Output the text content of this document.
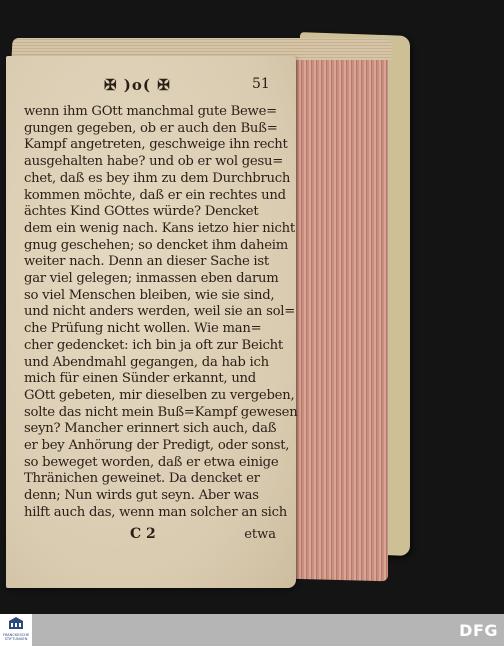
✠ )o( ✠	51
wenn ihm GOtt manchmal gute Bewe=
gungen gegeben, ob er auch den Buß=
Kampf angetreten, geschweige ihn recht
ausgehalten habe? und ob er wol gesu=
chet, daß es bey ihm zu dem Durchbruch
kommen möchte, daß er ein rechtes und
ächtes Kind GOttes würde? Dencket
dem ein wenig nach. Kans ietzo hier nicht
gnug geschehen; so dencket ihm daheim
weiter nach. Denn an dieser Sache ist
gar viel gelegen; inmassen eben darum
so viel Menschen bleiben, wie sie sind,
und nicht anders werden, weil sie an sol=
che Prüfung nicht wollen. Wie man=
cher gedencket: ich bin ja oft zur Beicht
und Abendmahl gegangen, da hab ich
mich für einen Sünder erkannt, und
GOtt gebeten, mir dieselben zu vergeben,
solte das nicht mein Buß=Kampf gewesen
seyn? Mancher erinnert sich auch, daß
er bey Anhörung der Predigt, oder sonst,
so beweget worden, daß er etwa einige
Thränichen geweinet. Da dencket er
denn; Nun wirds gut seyn. Aber was
hilft auch das, wenn man solcher an sich
C 2	etwa
FRANCKESCHE STIFTUNGEN	DFG
